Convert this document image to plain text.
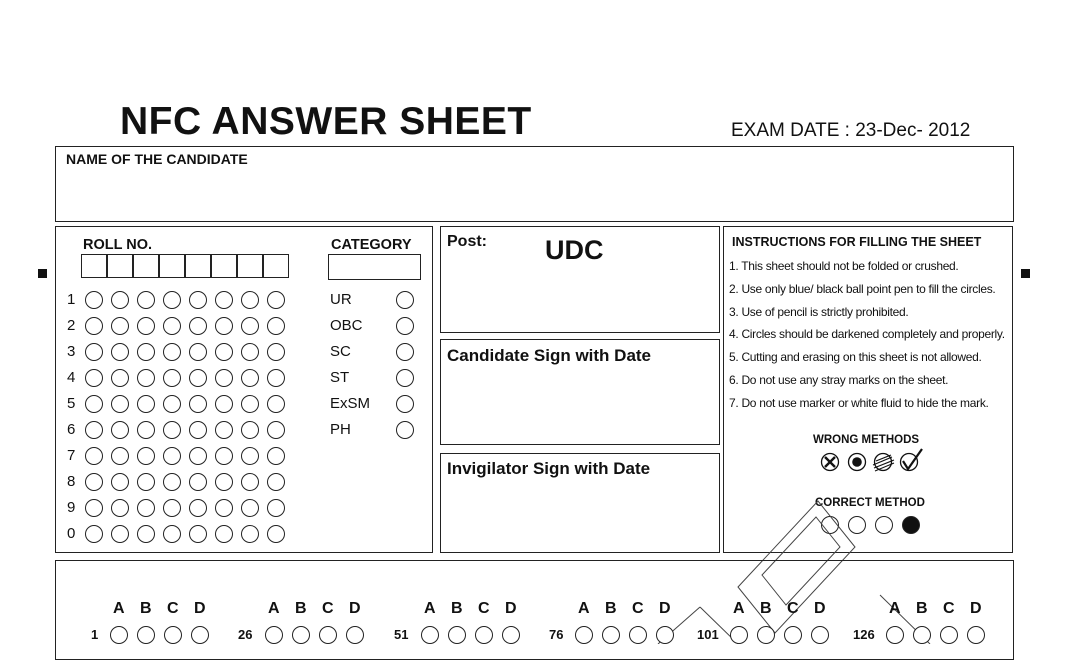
NFC ANSWER SHEET	EXAM DATE : 23-Dec- 2012
NAME OF THE CANDIDATE
ROLL NO.	CATEGORY
1
2
3
4
5
6
7
8
9
0
UR
OBC
SC
ST
ExSM
PH
Post: UDC
Candidate Sign with Date
Invigilator Sign with Date
INSTRUCTIONS FOR FILLING THE SHEET
1. This sheet should not be folded or crushed.
2. Use only blue/ black ball point pen to fill the circles.
3. Use of pencil is strictly prohibited.
4. Circles should be darkened completely and properly.
5. Cutting and erasing on this sheet is not allowed.
6. Do not use any stray marks on the sheet.
7. Do not use marker or white fluid to hide the mark.
WRONG METHODS
CORRECT METHOD
A B C D
1
A B C D
26
A B C D
51
A B C D
76
A B C D
101
A B C D
126
